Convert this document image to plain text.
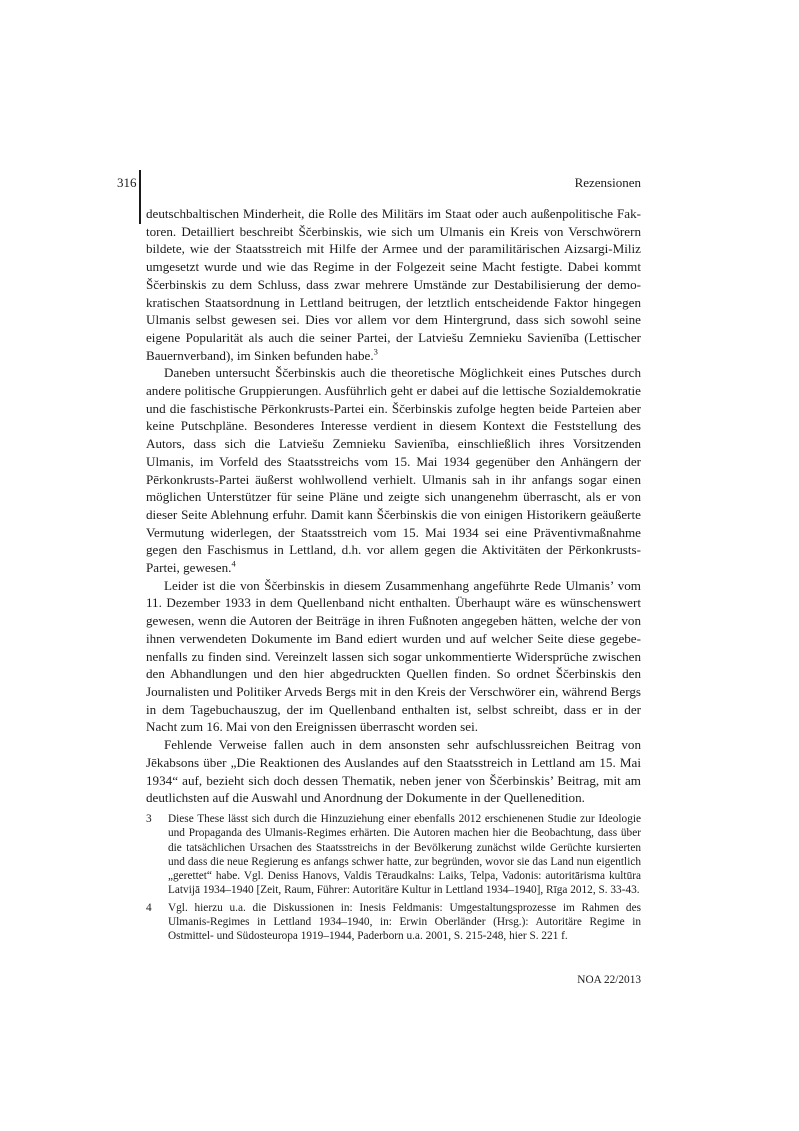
316	Rezensionen

deutschbaltischen Minderheit, die Rolle des Militärs im Staat oder auch außenpolitische Faktoren. Detailliert beschreibt Ščerbinskis, wie sich um Ulmanis ein Kreis von Verschwörern bildete, wie der Staatsstreich mit Hilfe der Armee und der paramilitärischen Aizsargi-Miliz umgesetzt wurde und wie das Regime in der Folgezeit seine Macht festigte. Dabei kommt Ščerbinskis zu dem Schluss, dass zwar mehrere Umstände zur Destabilisierung der demokratischen Staatsordnung in Lettland beitrugen, der letztlich entscheidende Faktor hingegen Ulmanis selbst gewesen sei. Dies vor allem vor dem Hintergrund, dass sich sowohl seine eigene Popularität als auch die seiner Partei, der Latviešu Zemnieku Savienība (Lettischer Bauernverband), im Sinken befunden habe.$^3$

Daneben untersucht Ščerbinskis auch die theoretische Möglichkeit eines Putsches durch andere politische Gruppierungen. Ausführlich geht er dabei auf die lettische Sozialdemokratie und die faschistische Pērkonkrusts-Partei ein. Ščerbinskis zufolge hegten beide Parteien aber keine Putschpläne. Besonderes Interesse verdient in diesem Kontext die Feststellung des Autors, dass sich die Latviešu Zemnieku Savienība, einschließlich ihres Vorsitzenden Ulmanis, im Vorfeld des Staatsstreichs vom 15. Mai 1934 gegenüber den Anhängern der Pērkonkrusts-Partei äußerst wohlwollend verhielt. Ulmanis sah in ihr anfangs sogar einen möglichen Unterstützer für seine Pläne und zeigte sich unangenehm überrascht, als er von dieser Seite Ablehnung erfuhr. Damit kann Ščerbinskis die von einigen Historikern geäußerte Vermutung widerlegen, der Staatsstreich vom 15. Mai 1934 sei eine Präventivmaßnahme gegen den Faschismus in Lettland, d.h. vor allem gegen die Aktivitäten der Pērkonkrusts-Partei, gewesen.$^4$

Leider ist die von Ščerbinskis in diesem Zusammenhang angeführte Rede Ulmanis’ vom 11. Dezember 1933 in dem Quellenband nicht enthalten. Überhaupt wäre es wünschenswert gewesen, wenn die Autoren der Beiträge in ihren Fußnoten angegeben hätten, welche der von ihnen verwendeten Dokumente im Band ediert wurden und auf welcher Seite diese gegebenenfalls zu finden sind. Vereinzelt lassen sich sogar unkommentierte Widersprüche zwischen den Abhandlungen und den hier abgedruckten Quellen finden. So ordnet Ščerbinskis den Journalisten und Politiker Arveds Bergs mit in den Kreis der Verschwörer ein, während Bergs in dem Tagebuchauszug, der im Quellenband enthalten ist, selbst schreibt, dass er in der Nacht zum 16. Mai von den Ereignissen überrascht worden sei.

Fehlende Verweise fallen auch in dem ansonsten sehr aufschlussreichen Beitrag von Jēkabsons über „Die Reaktionen des Auslandes auf den Staatsstreich in Lettland am 15. Mai 1934“ auf, bezieht sich doch dessen Thematik, neben jener von Ščerbinskis’ Beitrag, mit am deutlichsten auf die Auswahl und Anordnung der Dokumente in der Quellenedition.

3 Diese These lässt sich durch die Hinzuziehung einer ebenfalls 2012 erschienenen Studie zur Ideologie und Propaganda des Ulmanis-Regimes erhärten. Die Autoren machen hier die Beobachtung, dass über die tatsächlichen Ursachen des Staatsstreichs in der Bevölkerung zunächst wilde Gerüchte kursierten und dass die neue Regierung es anfangs schwer hatte, zur begründen, wovor sie das Land nun eigentlich „gerettet“ habe. Vgl. Deniss Hanovs, Valdis Tēraudkalns: Laiks, Telpa, Vadonis: autoritārisma kultūra Latvijā 1934–1940 [Zeit, Raum, Führer: Autoritäre Kultur in Lettland 1934–1940], Rīga 2012, S. 33-43.
4 Vgl. hierzu u.a. die Diskussionen in: Inesis Feldmanis: Umgestaltungsprozesse im Rahmen des Ulmanis-Regimes in Lettland 1934–1940, in: Erwin Oberländer (Hrsg.): Autoritäre Regime in Ostmittel- und Südosteuropa 1919–1944, Paderborn u.a. 2001, S. 215-248, hier S. 221 f.
NOA 22/2013
